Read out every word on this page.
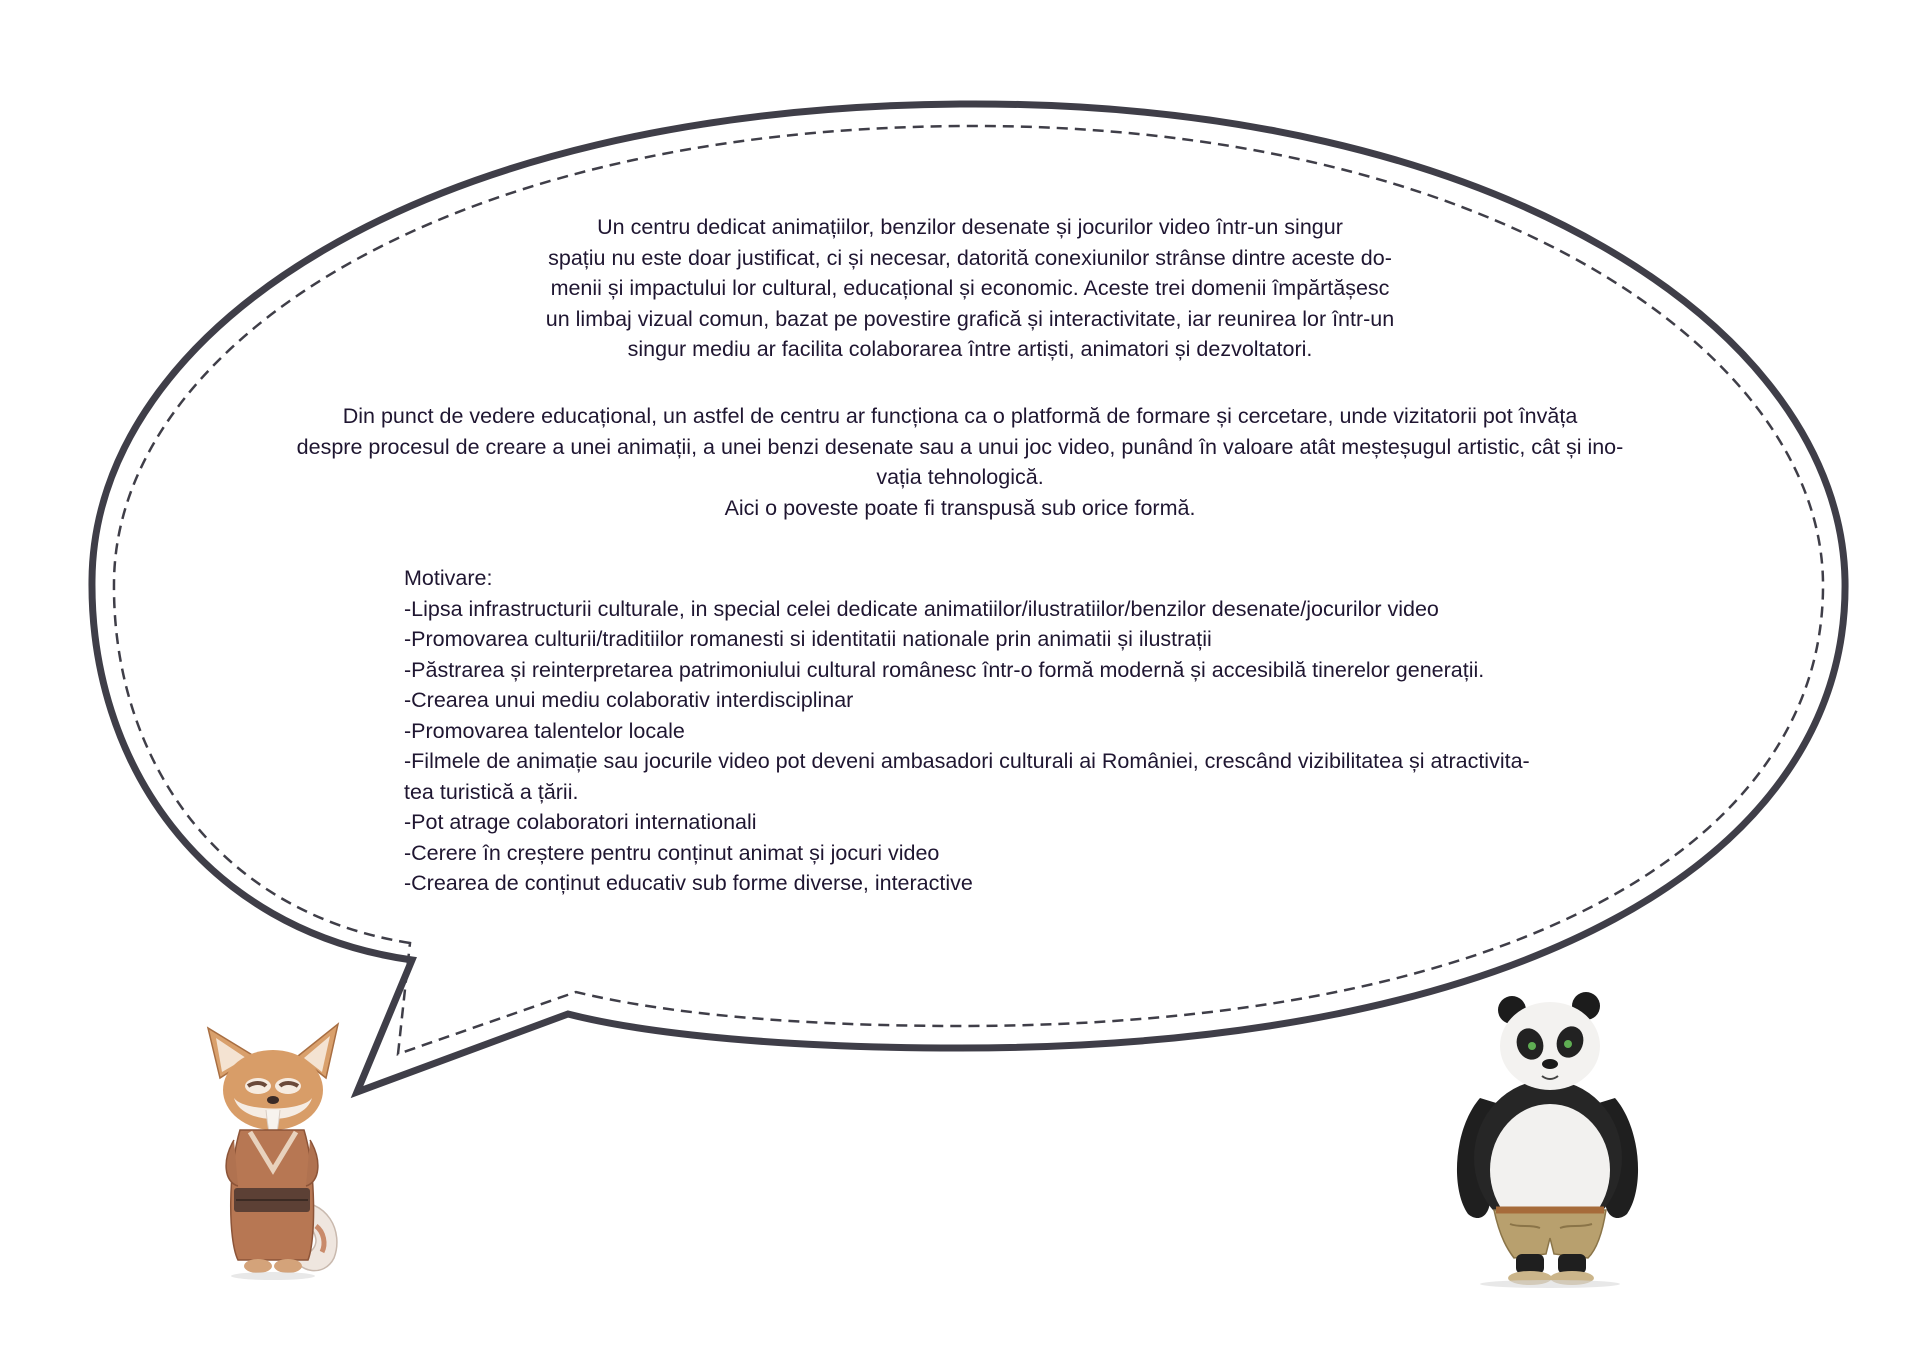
Un centru dedicat animațiilor, benzilor desenate și jocurilor video într-un singur
spațiu nu este doar justificat, ci și necesar, datorită conexiunilor strânse dintre aceste do-
menii și impactului lor cultural, educațional și economic. Aceste trei domenii împărtășesc
un limbaj vizual comun, bazat pe povestire grafică și interactivitate, iar reunirea lor într-un
singur mediu ar facilita colaborarea între artiști, animatori și dezvoltatori.
Din punct de vedere educațional, un astfel de centru ar funcționa ca o platformă de formare și cercetare, unde vizitatorii pot învăța
despre procesul de creare a unei animații, a unei benzi desenate sau a unui joc video, punând în valoare atât meșteșugul artistic, cât și ino-
vația tehnologică.
Aici o poveste poate fi transpusă sub orice formă.
Motivare:
-Lipsa infrastructurii culturale, in special celei dedicate animatiilor/ilustratiilor/benzilor desenate/jocurilor video
-Promovarea culturii/traditiilor romanesti si identitatii nationale prin animatii și ilustrații
-Păstrarea și reinterpretarea patrimoniului cultural românesc într-o formă modernă și accesibilă tinerelor generații.
-Crearea unui mediu colaborativ interdisciplinar
-Promovarea talentelor locale
-Filmele de animație sau jocurile video pot deveni ambasadori culturali ai României, crescând vizibilitatea și atractivita-
tea turistică a țării.
-Pot atrage colaboratori internationali
-Cerere în creștere pentru conținut animat și jocuri video
-Crearea de conținut educativ sub forme diverse, interactive
